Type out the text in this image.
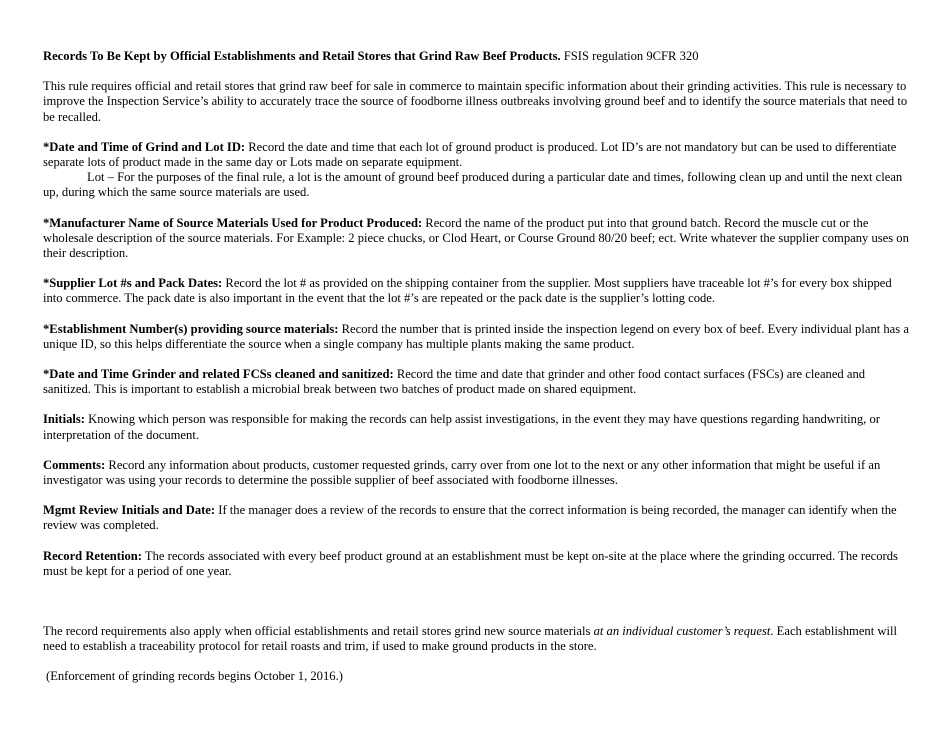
Records To Be Kept by Official Establishments and Retail Stores that Grind Raw Beef Products. FSIS regulation 9CFR 320

This rule requires official and retail stores that grind raw beef for sale in commerce to maintain specific information about their grinding activities. This rule is necessary to improve the Inspection Service’s ability to accurately trace the source of foodborne illness outbreaks involving ground beef and to identify the source materials that need to be recalled.

*Date and Time of Grind and Lot ID: Record the date and time that each lot of ground product is produced. Lot ID’s are not mandatory but can be used to differentiate separate lots of product made in the same day or Lots made on separate equipment.

Lot – For the purposes of the final rule, a lot is the amount of ground beef produced during a particular date and times, following clean up and until the next clean up, during which the same source materials are used.

*Manufacturer Name of Source Materials Used for Product Produced: Record the name of the product put into that ground batch. Record the muscle cut or the wholesale description of the source materials. For Example: 2 piece chucks, or Clod Heart, or Course Ground 80/20 beef; ect. Write whatever the supplier company uses on their description.

*Supplier Lot #s and Pack Dates: Record the lot # as provided on the shipping container from the supplier. Most suppliers have traceable lot #’s for every box shipped into commerce. The pack date is also important in the event that the lot #’s are repeated or the pack date is the supplier’s lotting code.

*Establishment Number(s) providing source materials: Record the number that is printed inside the inspection legend on every box of beef. Every individual plant has a unique ID, so this helps differentiate the source when a single company has multiple plants making the same product.

*Date and Time Grinder and related FCSs cleaned and sanitized: Record the time and date that grinder and other food contact surfaces (FSCs) are cleaned and sanitized. This is important to establish a microbial break between two batches of product made on shared equipment.

Initials: Knowing which person was responsible for making the records can help assist investigations, in the event they may have questions regarding handwriting, or interpretation of the document.

Comments: Record any information about products, customer requested grinds, carry over from one lot to the next or any other information that might be useful if an investigator was using your records to determine the possible supplier of beef associated with foodborne illnesses.

Mgmt Review Initials and Date: If the manager does a review of the records to ensure that the correct information is being recorded, the manager can identify when the review was completed.

Record Retention: The records associated with every beef product ground at an establishment must be kept on-site at the place where the grinding occurred. The records must be kept for a period of one year.

The record requirements also apply when official establishments and retail stores grind new source materials at an individual customer’s request. Each establishment will need to establish a traceability protocol for retail roasts and trim, if used to make ground products in the store.

(Enforcement of grinding records begins October 1, 2016.)
